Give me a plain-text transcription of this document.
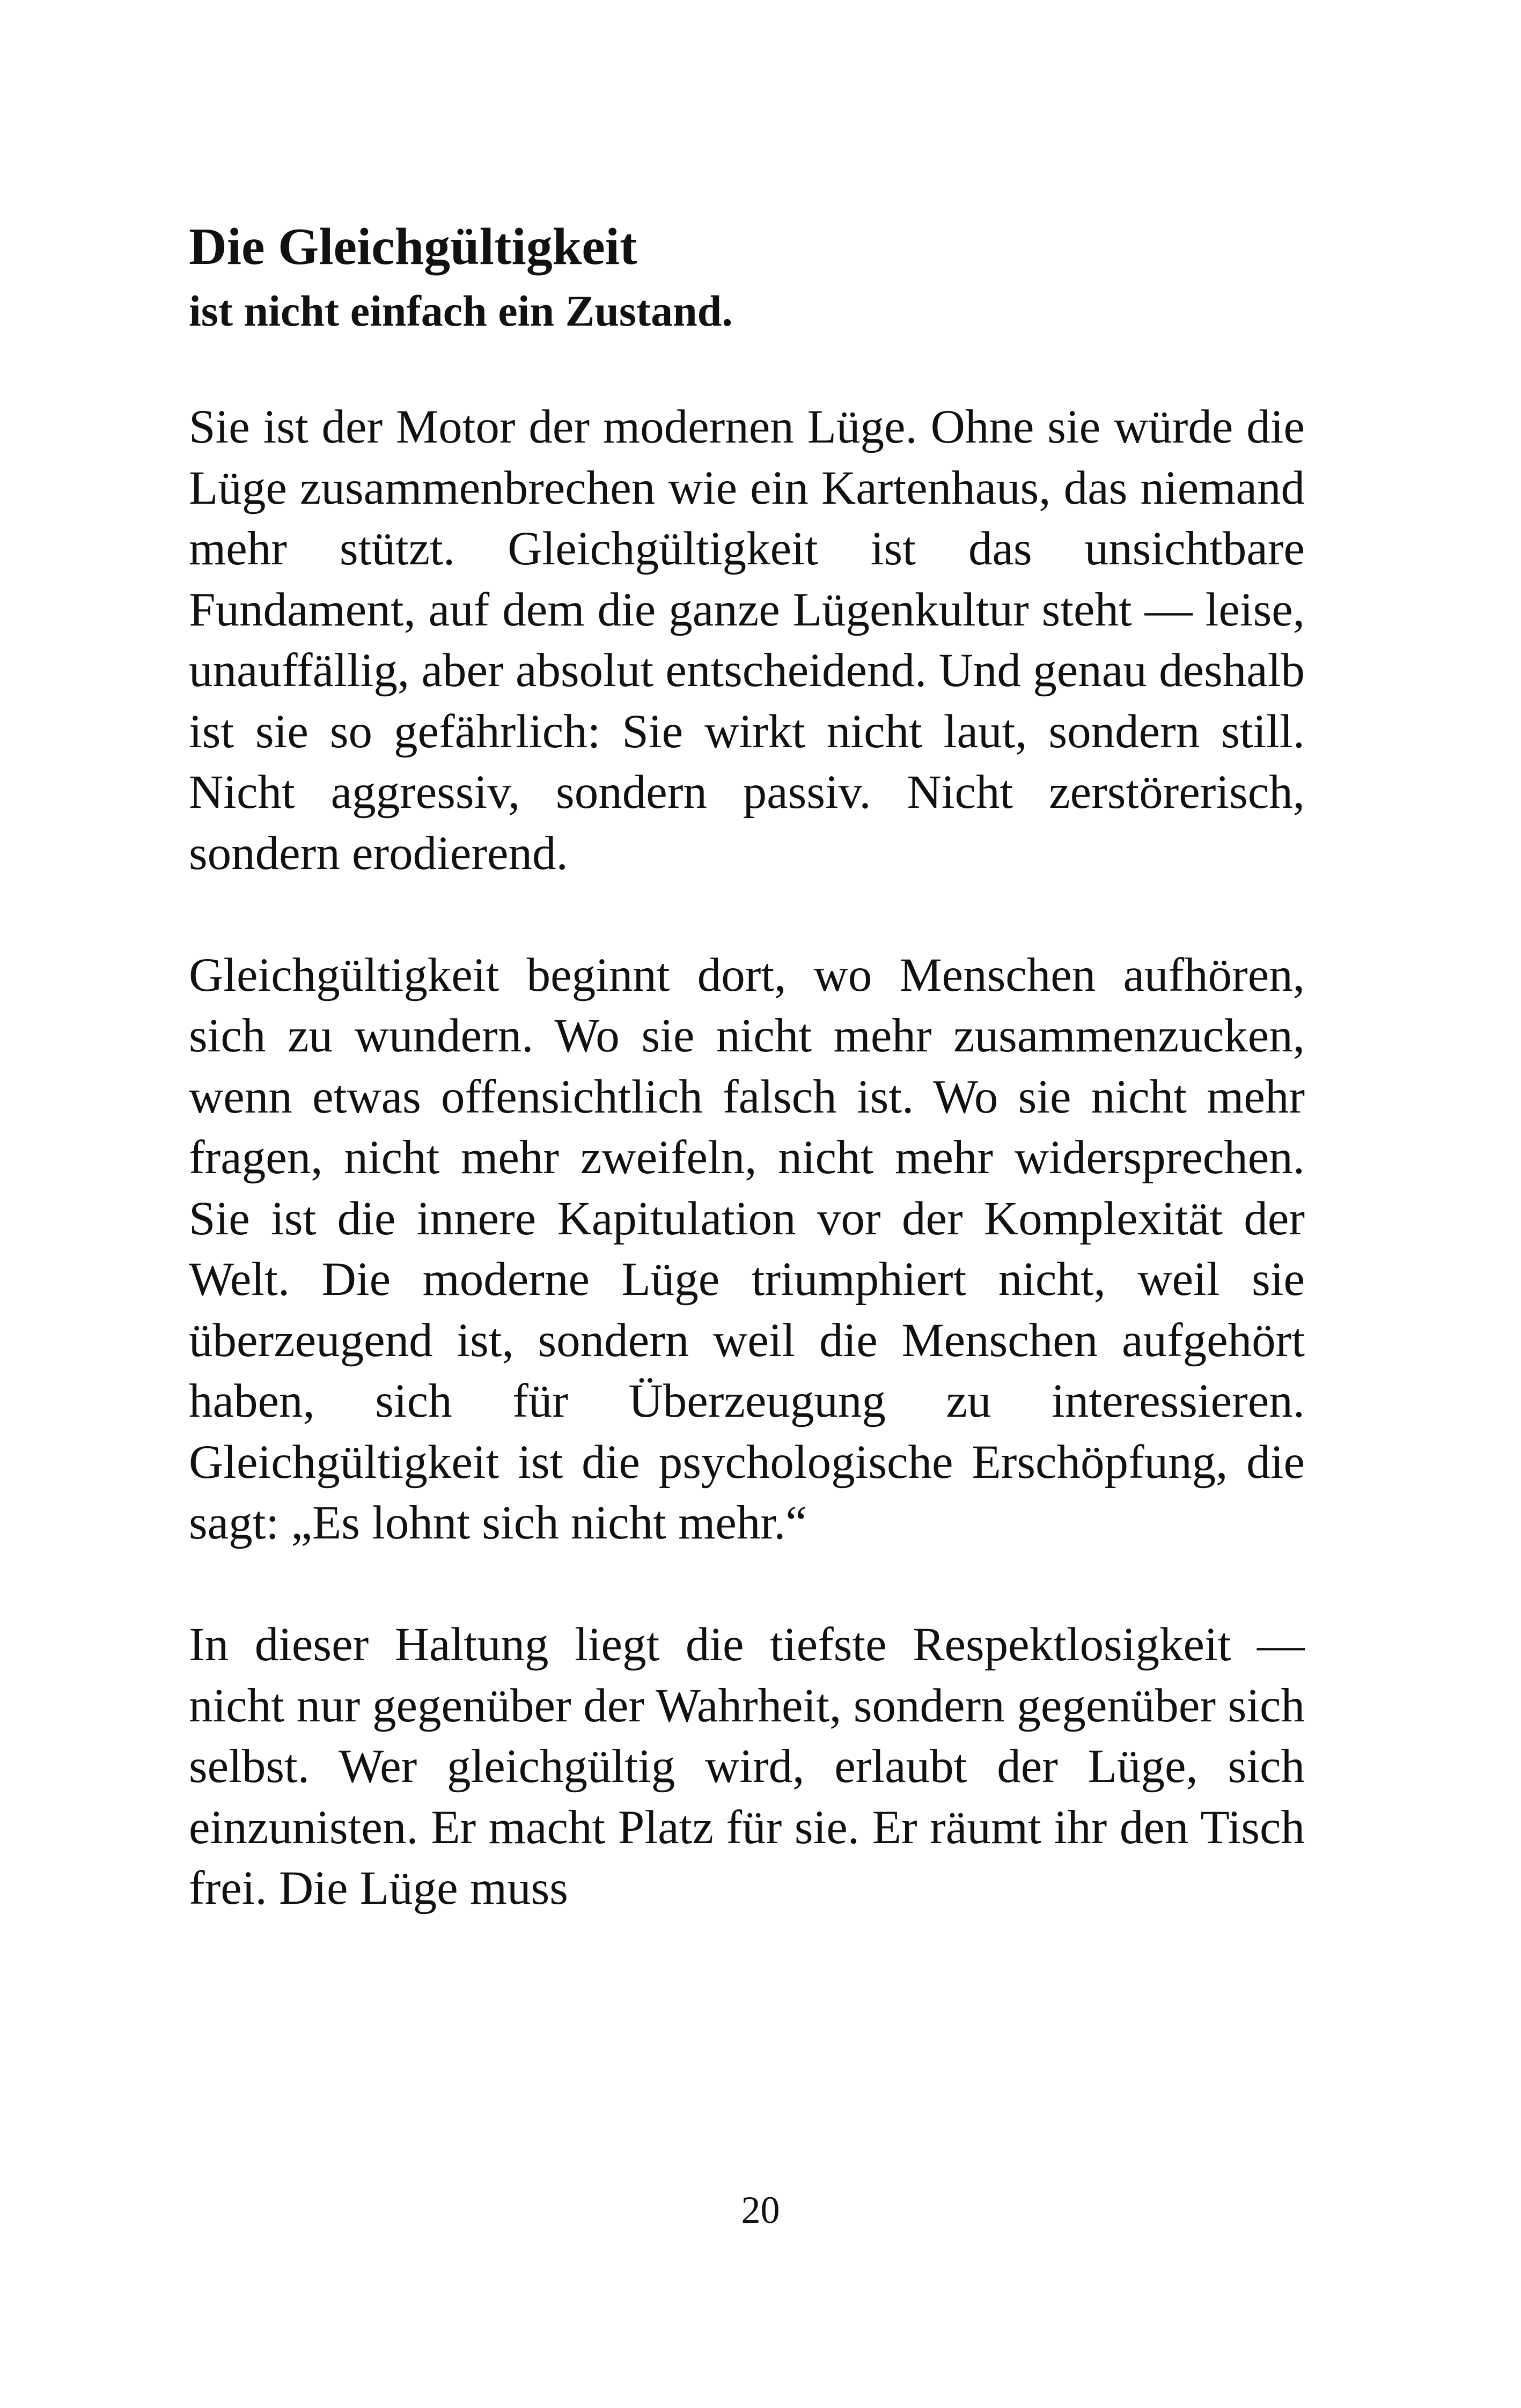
Die Gleichgültigkeit

ist nicht einfach ein Zustand.

Sie ist der Motor der modernen Lüge. Ohne sie würde die Lüge zusammenbrechen wie ein Kartenhaus, das niemand mehr stützt. Gleichgültigkeit ist das unsichtbare Fundament, auf dem die ganze Lügenkultur steht — leise, unauffällig, aber absolut entscheidend. Und genau deshalb ist sie so gefährlich: Sie wirkt nicht laut, sondern still. Nicht aggressiv, sondern passiv. Nicht zerstörerisch, sondern erodierend.

Gleichgültigkeit beginnt dort, wo Menschen aufhören, sich zu wundern. Wo sie nicht mehr zusammenzucken, wenn etwas offensichtlich falsch ist. Wo sie nicht mehr fragen, nicht mehr zweifeln, nicht mehr widersprechen. Sie ist die innere Kapitulation vor der Komplexität der Welt. Die moderne Lüge triumphiert nicht, weil sie überzeugend ist, sondern weil die Menschen aufgehört haben, sich für Überzeugung zu interessieren. Gleichgültigkeit ist die psychologische Erschöpfung, die sagt: „Es lohnt sich nicht mehr.“

In dieser Haltung liegt die tiefste Respektlosigkeit — nicht nur gegenüber der Wahrheit, sondern gegenüber sich selbst. Wer gleichgültig wird, erlaubt der Lüge, sich einzunisten. Er macht Platz für sie. Er räumt ihr den Tisch frei. Die Lüge muss

20
